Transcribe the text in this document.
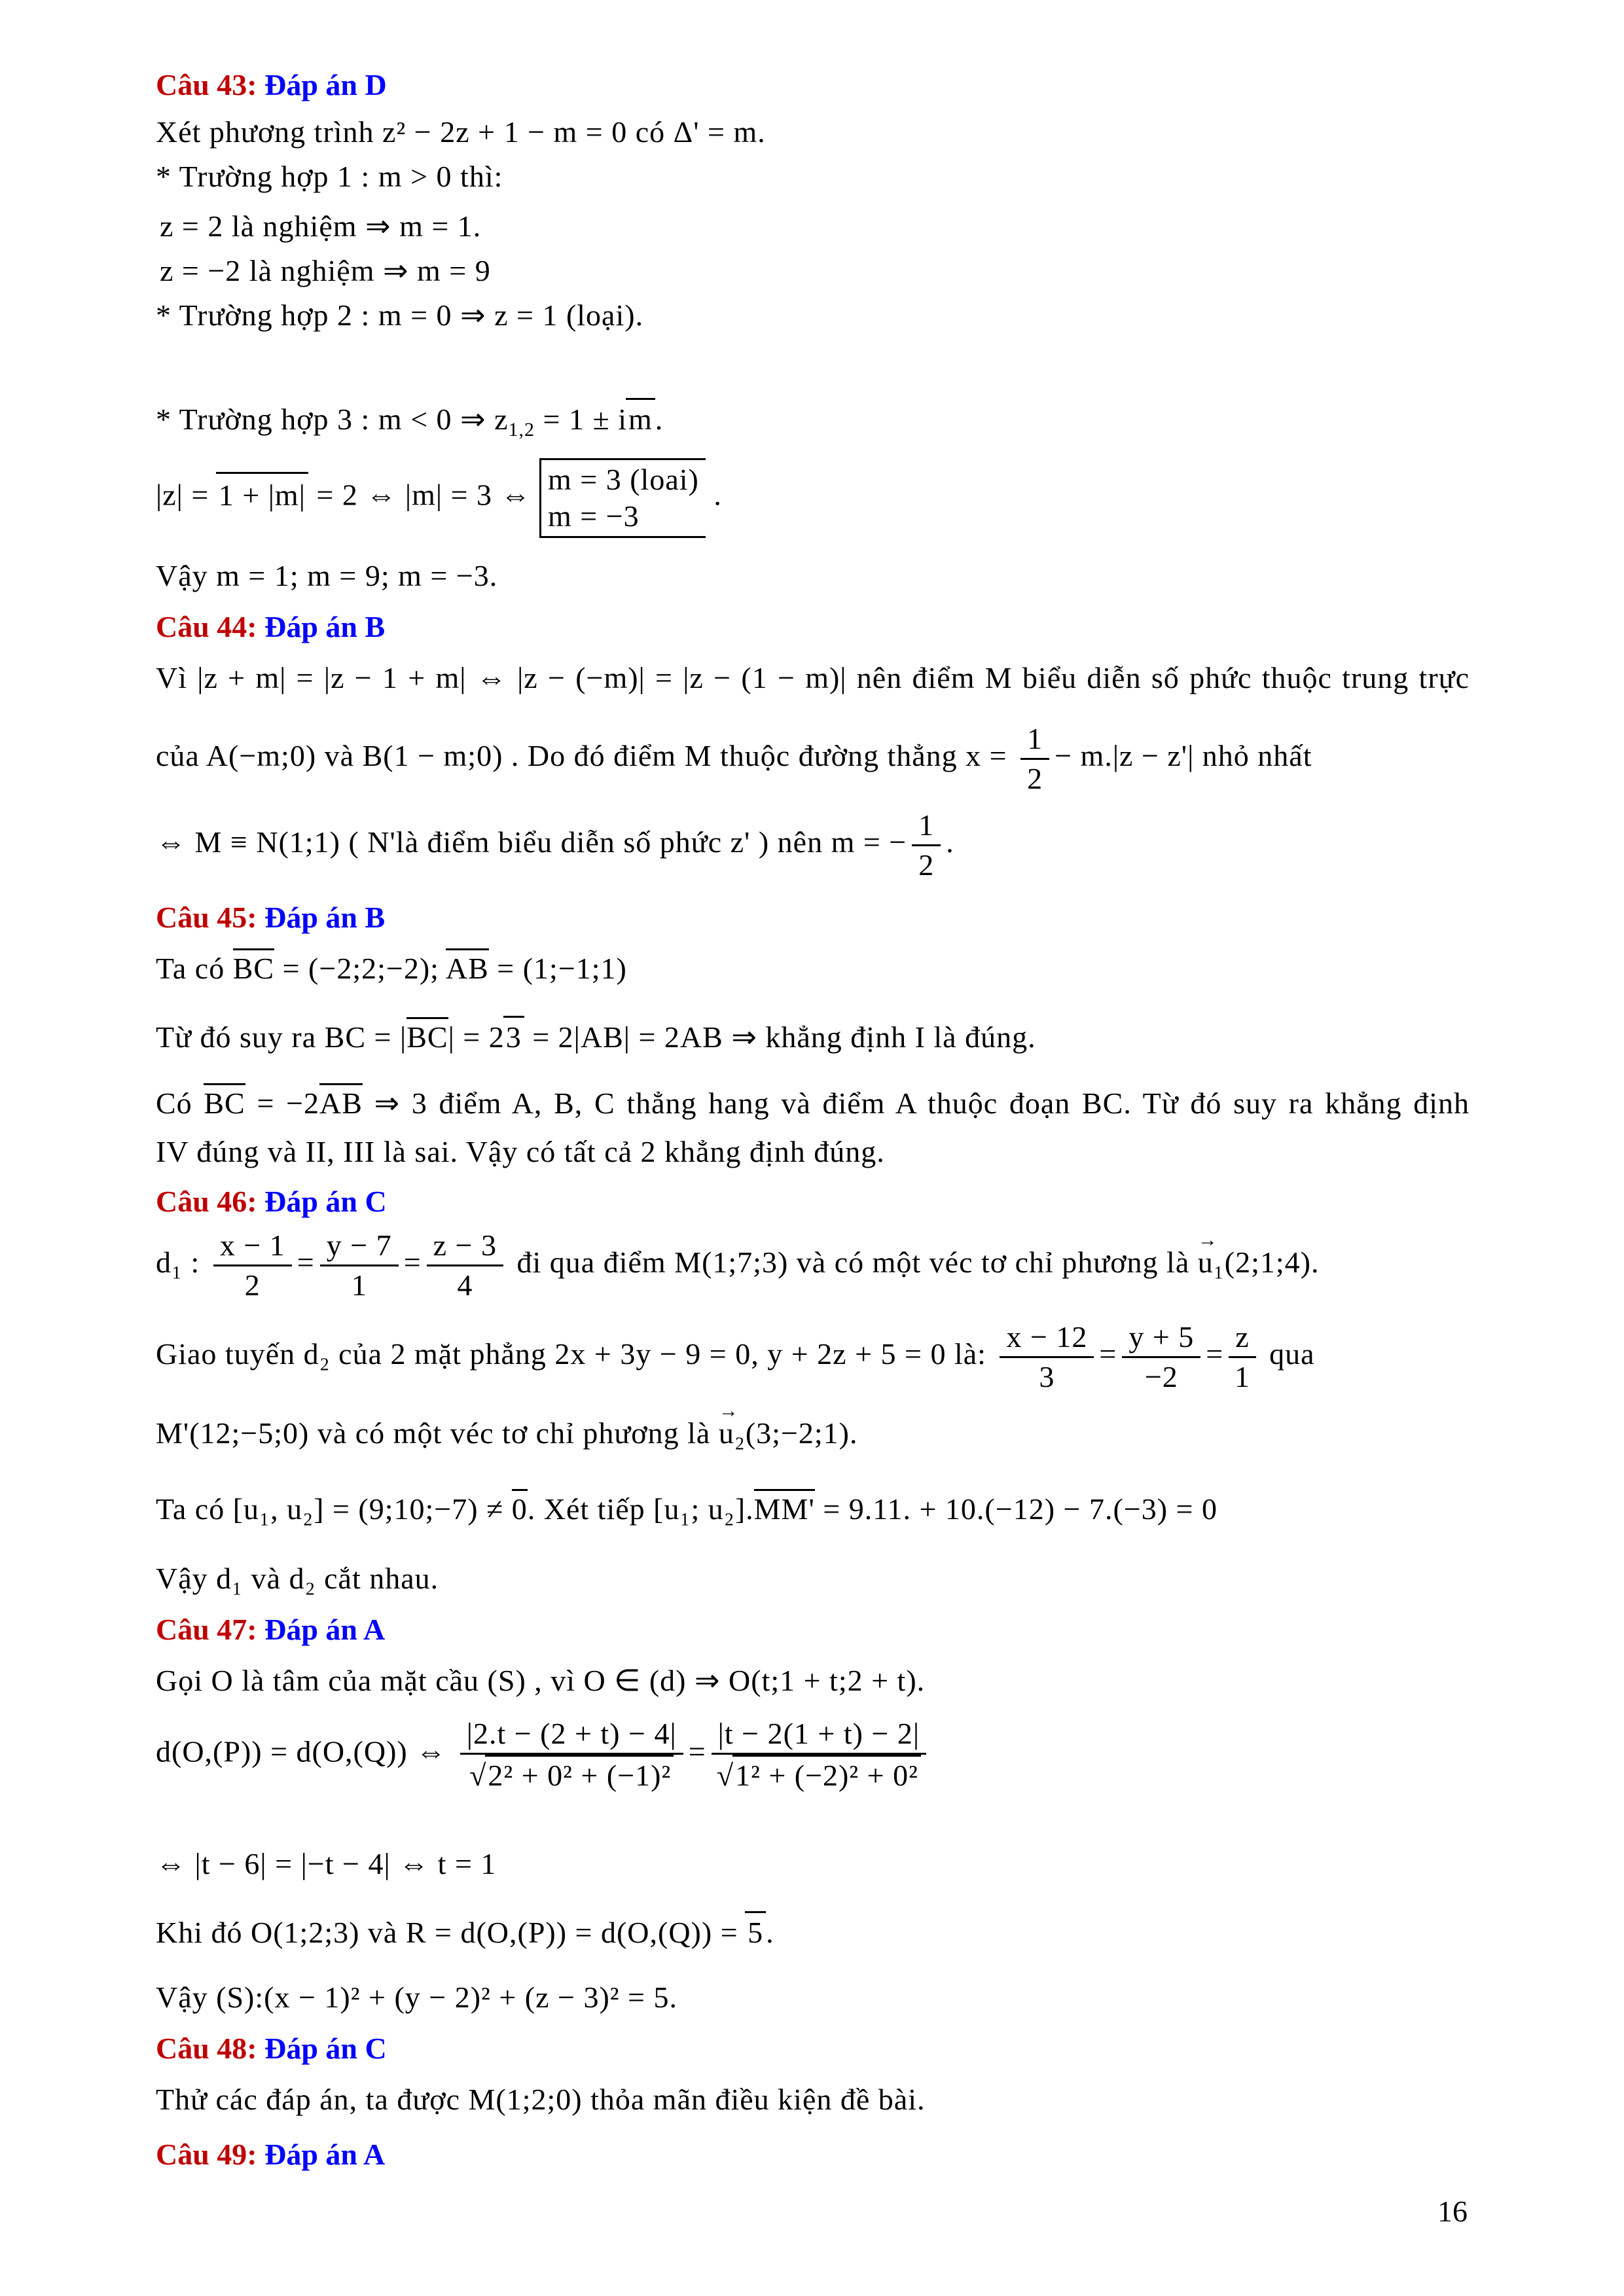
Câu 43: Đáp án D
Xét phương trình z² − 2z + 1 − m = 0 có Δ' = m.
* Trường hợp 1 : m > 0 thì:
z = 2 là nghiệm ⇒ m = 1.
z = −2 là nghiệm ⇒ m = 9
* Trường hợp 2 : m = 0 ⇒ z = 1 (loại).
* Trường hợp 3 : m < 0 ⇒ $z_{1,2} = 1$ ± im.
|z| = 1 + |m| = 2 ⇔ |m| = 3 ⇔ m = 3 (loai)
m = −3
.
Vậy m = 1; m = 9; m = −3.
Câu 44: Đáp án B
Vì |z + m| = |z − 1 + m| ⇔ |z − (−m)| = |z − (1 − m)| nên điểm M biểu diễn số phức thuộc trung trực
của A(−m;0) và B(1 − m;0) . Do đó điểm M thuộc đường thẳng $x = \frac{1}{2} - m.|z - z'|$ nhỏ nhất
⇔ M ≡ N(1;1) ( N'là điểm biểu diễn số phức z' ) nên m = − $\frac{1}{2}$ .
Câu 45: Đáp án B
Ta có BC = (−2;2;−2); AB = (1;−1;1)
Từ đó suy ra BC = |BC| = 23 = 2|AB| = 2AB ⇒ khẳng định I là đúng.
Có BC = −2AB ⇒ 3 điểm A, B, C thẳng hang và điểm A thuộc đoạn BC. Từ đó suy ra khẳng định
IV đúng và II, III là sai. Vậy có tất cả 2 khẳng định đúng.
Câu 46: Đáp án C
d₁ : $\frac{x - 1}{2} = \frac{y - 7}{1} = \frac{z - 3}{4}$ đi qua điểm M(1;7;3) và có một véc tơ chỉ phương là → u₁(2;1;4).
Giao tuyến d₂ của 2 mặt phẳng 2x + 3y − 9 = 0, y + 2z + 5 = 0 là: $\frac{x - 12}{3} = \frac{y + 5}{-2} = \frac{z}{1}$ qua
M'(12;−5;0) và có một véc tơ chỉ phương là → u₂(3;−2;1).
Ta có [u₁, u₂] = (9;10;−7) ≠ 0. Xét tiếp [u₁; u₂].MM' = 9.11. + 10.(−12) − 7.(−3) = 0
Vậy d₁ và d₂ cắt nhau.
Câu 47: Đáp án A
Gọi O là tâm của mặt cầu (S) , vì O ∈ (d) ⇒ O(t;1 + t;2 + t).
d(O,(P)) = d(O,(Q)) ⇔ $\frac{|2.t - (2 + t) - 4|}{\text{√2² + 0² + (−1)²}} = \frac{|t - 2(1 + t) - 2|}{\text{√1² + (−2)² + 0²}}$
⇔ |t − 6| = |−t − 4| ⇔ t = 1
Khi đó O(1;2;3) và R = d(O,(P)) = d(O,(Q)) = 5.
Vậy (S):(x − 1)² + (y − 2)² + (z − 3)² = 5.
Câu 48: Đáp án C
Thử các đáp án, ta được M(1;2;0) thỏa mãn điều kiện đề bài.
Câu 49: Đáp án A
16
